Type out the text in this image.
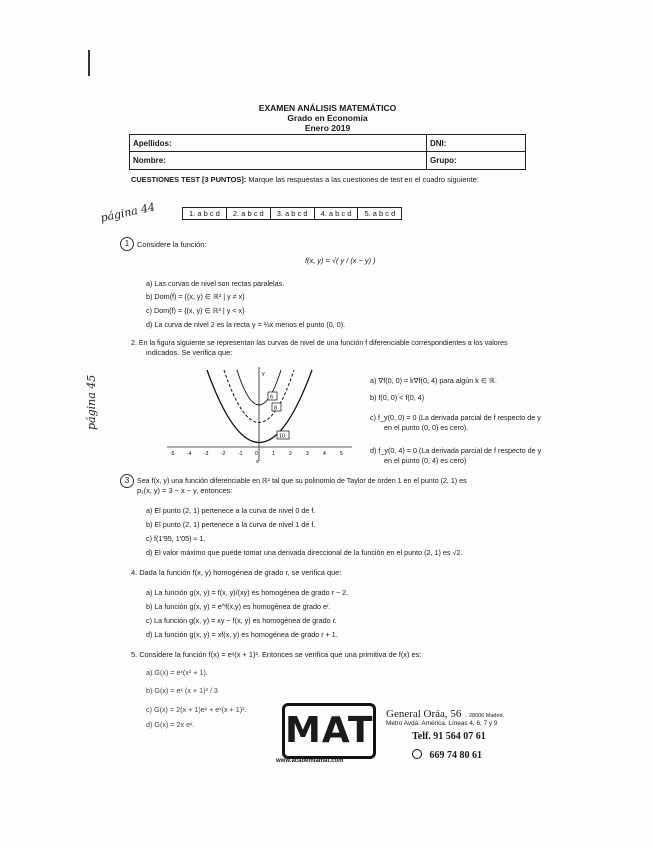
EXAMEN ANÁLISIS MATEMÁTICO
Grado en Economía
Enero 2019
Apellidos:	DNI:
Nombre:	Grupo:
CUESTIONES TEST [3 PUNTOS]: Marque las respuestas a las cuestiones de test en el cuadro siguiente:
página 44	1. a b c d	2. a b c d	3. a b c d	4. a b c d	5. a b c d
1	Considere la función:
f(x, y) = √( y / (x − y) )
a) Las curvas de nivel son rectas paralelas.
b) Dom(f) = {(x, y) ∈ ℝ² | y ≠ x}
c) Dom(f) = {(x, y) ∈ ℝ² | y < x}
d) La curva de nivel 2 es la recta y = ⅔x menos el punto (0, 0).
2. En la figura siguiente se representan las curvas de nivel de una función f diferenciable correspondientes a los valores
indicados. Se verifica que:
página 45
y
x
6
8
10
-5	-4	-3	-2	-1	0	1	2	3	4	5
a) ∇f(0, 0) = k∇f(0, 4) para algún k ∈ ℝ.
b) f(0, 0) < f(0, 4)
c) f_y(0, 0) = 0 (La derivada parcial de f respecto de y
en el punto (0, 0) es cero).
d) f_y(0, 4) = 0 (La derivada parcial de f respecto de y
en el punto (0, 4) es cero)
3	Sea f(x, y) una función diferenciable en ℝ² tal que su polinomio de Taylor de orden 1 en el punto (2, 1) es
p₁(x, y) = 3 − x − y, entonces:
a) El punto (2, 1) pertenece a la curva de nivel 0 de f.
b) El punto (2, 1) pertenece a la curva de nivel 1 de f.
c) f(1'95, 1'05) ≈ 1.
d) El valor máximo que puede tomar una derivada direccional de la función en el punto (2, 1) es √2.
4. Dada la función f(x, y) homogénea de grado r, se verifica que:
a) La función g(x, y) = f(x, y)/(xy) es homogénea de grado r − 2.
b) La función g(x, y) = e^f(x,y) es homogénea de grado eʳ.
c) La función g(x, y) = xy − f(x, y) es homogénea de grado r.
d) La función g(x, y) = xf(x, y) es homogénea de grado r + 1.
5. Considere la función f(x) = eˣ(x + 1)². Entonces se verifica que una primitiva de f(x) es:
a) G(x) = eˣ(x² + 1).
b) G(x) = eˣ (x + 1)³ / 3
c) G(x) = 2(x + 1)eˣ + eˣ(x + 1)².
d) G(x) = 2x eˣ.	MAT
www.academiamat.com
General Oráa, 56 . 28006 Madrid.
Metro Avda. América. Líneas 4, 6, 7 y 9
Telf. 91 564 07 61
669 74 80 61
